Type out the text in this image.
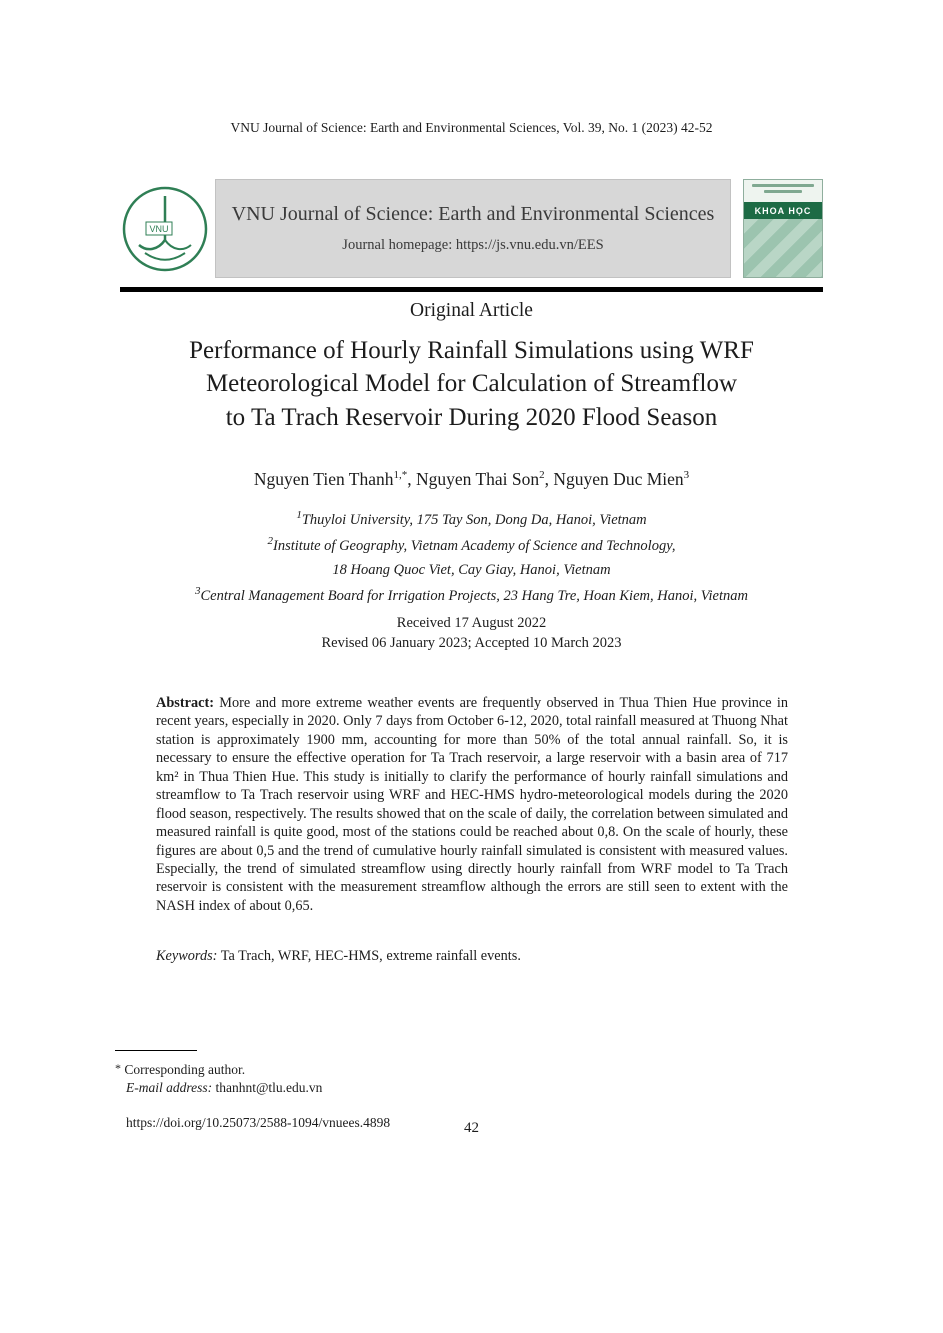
VNU Journal of Science: Earth and Environmental Sciences, Vol. 39, No. 1 (2023) 42-52
VNU
VNU Journal of Science: Earth and Environmental Sciences
Journal homepage: https://js.vnu.edu.vn/EES
KHOA HỌC
Original Article
Performance of Hourly Rainfall Simulations using WRF
Meteorological Model for Calculation of Streamflow
to Ta Trach Reservoir During 2020 Flood Season
Nguyen Tien Thanh$^{1,*}$, Nguyen Thai Son$^2$, Nguyen Duc Mien$^3$
$^1$Thuyloi University, 175 Tay Son, Dong Da, Hanoi, Vietnam
$^2$Institute of Geography, Vietnam Academy of Science and Technology,
18 Hoang Quoc Viet, Cay Giay, Hanoi, Vietnam
$^3$Central Management Board for Irrigation Projects, 23 Hang Tre, Hoan Kiem, Hanoi, Vietnam
Received 17 August 2022
Revised 06 January 2023; Accepted 10 March 2023
Abstract: More and more extreme weather events are frequently observed in Thua Thien Hue province in recent years, especially in 2020. Only 7 days from October 6-12, 2020, total rainfall measured at Thuong Nhat station is approximately 1900 mm, accounting for more than 50% of the total annual rainfall. So, it is necessary to ensure the effective operation for Ta Trach reservoir, a large reservoir with a basin area of 717 km² in Thua Thien Hue. This study is initially to clarify the performance of hourly rainfall simulations and streamflow to Ta Trach reservoir using WRF and HEC-HMS hydro-meteorological models during the 2020 flood season, respectively. The results showed that on the scale of daily, the correlation between simulated and measured rainfall is quite good, most of the stations could be reached about 0,8. On the scale of hourly, these figures are about 0,5 and the trend of cumulative hourly rainfall simulated is consistent with measured values. Especially, the trend of simulated streamflow using directly hourly rainfall from WRF model to Ta Trach reservoir is consistent with the measurement streamflow although the errors are still seen to extent with the NASH index of about 0,65.
Keywords: Ta Trach, WRF, HEC-HMS, extreme rainfall events.
* Corresponding author.
E-mail address: thanhnt@tlu.edu.vn
https://doi.org/10.25073/2588-1094/vnuees.4898	42
